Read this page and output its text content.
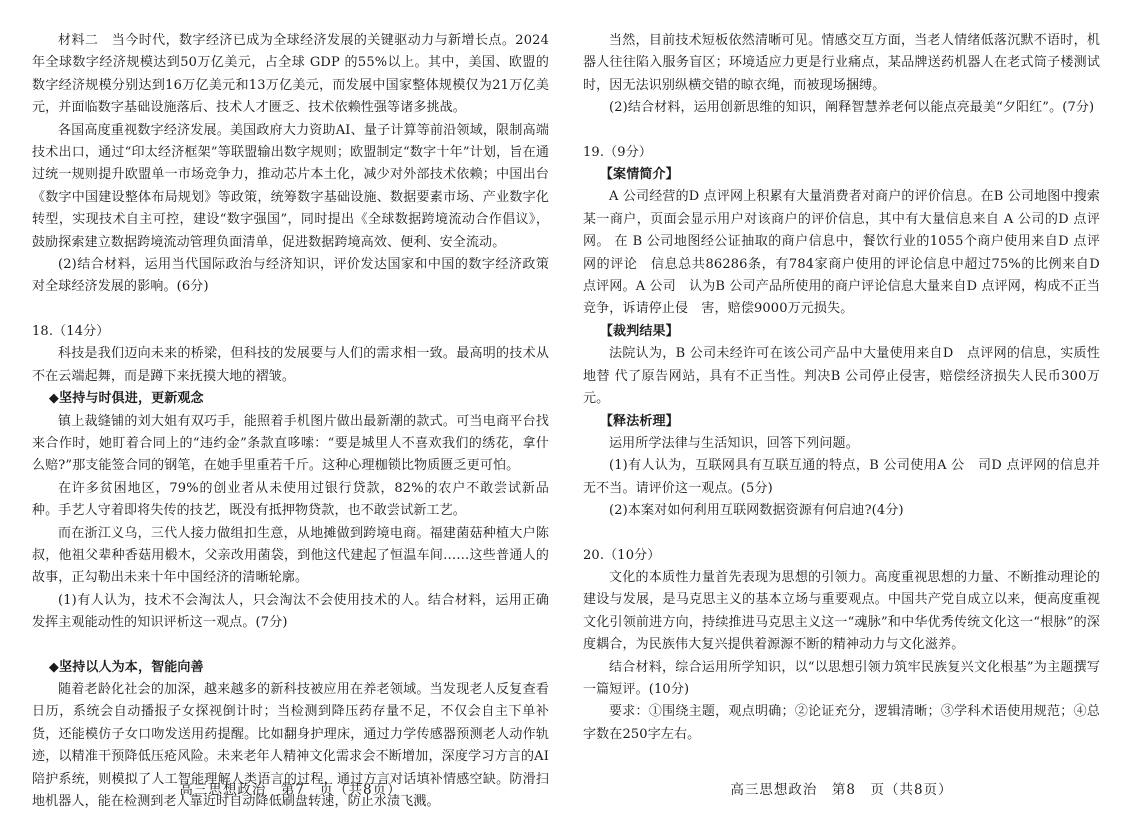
材料二　当今时代，数字经济已成为全球经济发展的关键驱动力与新增长点。2024年全球数字经济规模达到50万亿美元，占全球 GDP 的55%以上。其中，美国、欧盟的数字经济规模分别达到16万亿美元和13万亿美元，而发展中国家整体规模仅为21万亿美元，并面临数字基础设施落后、技术人才匮乏、技术依赖性强等诸多挑战。

各国高度重视数字经济发展。美国政府大力资助AI、量子计算等前沿领域，限制高端技术出口，通过“印太经济框架”等联盟输出数字规则；欧盟制定“数字十年”计划，旨在通过统一规则提升欧盟单一市场竞争力，推动芯片本土化，减少对外部技术依赖；中国出台《数字中国建设整体布局规划》等政策，统筹数字基础设施、数据要素市场、产业数字化转型，实现技术自主可控，建设“数字强国”，同时提出《全球数据跨境流动合作倡议》，鼓励探索建立数据跨境流动管理负面清单，促进数据跨境高效、便利、安全流动。

(2)结合材料，运用当代国际政治与经济知识，评价发达国家和中国的数字经济政策对全球经济发展的影响。(6分)

18.（14分）

科技是我们迈向未来的桥梁，但科技的发展要与人们的需求相一致。最高明的技术从不在云端起舞，而是蹲下来抚摸大地的褶皱。

◆坚持与时俱进，更新观念

镇上裁缝铺的刘大姐有双巧手，能照着手机图片做出最新潮的款式。可当电商平台找来合作时，她盯着合同上的“违约金”条款直哆嗦：“要是城里人不喜欢我们的绣花，拿什么赔?”那支能签合同的钢笔，在她手里重若千斤。这种心理枷锁比物质匮乏更可怕。

在许多贫困地区，79%的创业者从未使用过银行贷款，82%的农户不敢尝试新品种。手艺人守着即将失传的技艺，既没有抵押物贷款，也不敢尝试新工艺。

而在浙江义乌，三代人接力做组扣生意，从地摊做到跨境电商。福建菌菇种植大户陈叔，他祖父辈种香菇用椴木，父亲改用菌袋，到他这代建起了恒温车间……这些普通人的故事，正勾勒出未来十年中国经济的清晰轮廓。

(1)有人认为，技术不会淘汰人，只会淘汰不会使用技术的人。结合材料，运用正确发挥主观能动性的知识评析这一观点。(7分)

◆坚持以人为本，智能向善

随着老龄化社会的加深，越来越多的新科技被应用在养老领域。当发现老人反复查看日历，系统会自动播报子女探视倒计时；当检测到降压药存量不足，不仅会自主下单补货，还能模仿子女口吻发送用药提醒。比如翻身护理床，通过力学传感器预测老人动作轨迹，以精准干预降低压疮风险。未来老年人精神文化需求会不断增加，深度学习方言的AI 陪护系统，则模拟了人工智能理解人类语言的过程，通过方言对话填补情感空缺。防滑扫地机器人，能在检测到老人靠近时自动降低刷盘转速，防止水渍飞溅。

高三思想政治　第7　页（共8页）

当然，目前技术短板依然清晰可见。情感交互方面，当老人情绪低落沉默不语时，机器人往往陷入服务盲区；环境适应力更是行业痛点，某品牌送药机器人在老式筒子楼测试时，因无法识别纵横交错的晾衣绳，而被现场捆缚。

(2)结合材料，运用创新思维的知识，阐释智慧养老何以能点亮最美“夕阳红”。(7分)

19.（9分）

【案情简介】

A 公司经营的D 点评网上积累有大量消费者对商户的评价信息。在B 公司地图中搜索某一商户，页面会显示用户对该商户的评价信息，其中有大量信息来自 A 公司的D 点评网。 在 B 公司地图经公证抽取的商户信息中，餐饮行业的1055个商户使用来自D 点评网的评论　信息总共86286条，有784家商户使用的评论信息中超过75%的比例来自D 点评网。A 公司　认为B 公司产品所使用的商户评论信息大量来自D 点评网，构成不正当竞争，诉请停止侵　害，赔偿9000万元损失。

【裁判结果】

法院认为，B 公司未经许可在该公司产品中大量使用来自D　点评网的信息，实质性地替 代了原告网站，具有不正当性。判决B 公司停止侵害，赔偿经济损失人民币300万元。

【释法析理】

运用所学法律与生活知识，回答下列问题。

(1)有人认为，互联网具有互联互通的特点，B 公司使用A 公　司D 点评网的信息并无不当。请评价这一观点。(5分)

(2)本案对如何利用互联网数据资源有何启迪?(4分)

20.（10分）

文化的本质性力量首先表现为思想的引领力。高度重视思想的力量、不断推动理论的建设与发展，是马克思主义的基本立场与重要观点。中国共产党自成立以来，便高度重视文化引领前进方向，持续推进马克思主义这一“魂脉”和中华优秀传统文化这一“根脉”的深度耦合，为民族伟大复兴提供着源源不断的精神动力与文化滋养。

结合材料，综合运用所学知识，以“以思想引领力筑牢民族复兴文化根基”为主题撰写一篇短评。(10分)

要求：①围绕主题，观点明确；②论证充分，逻辑清晰；③学科术语使用规范；④总字数在250字左右。

高三思想政治　第8　页（共8页）
